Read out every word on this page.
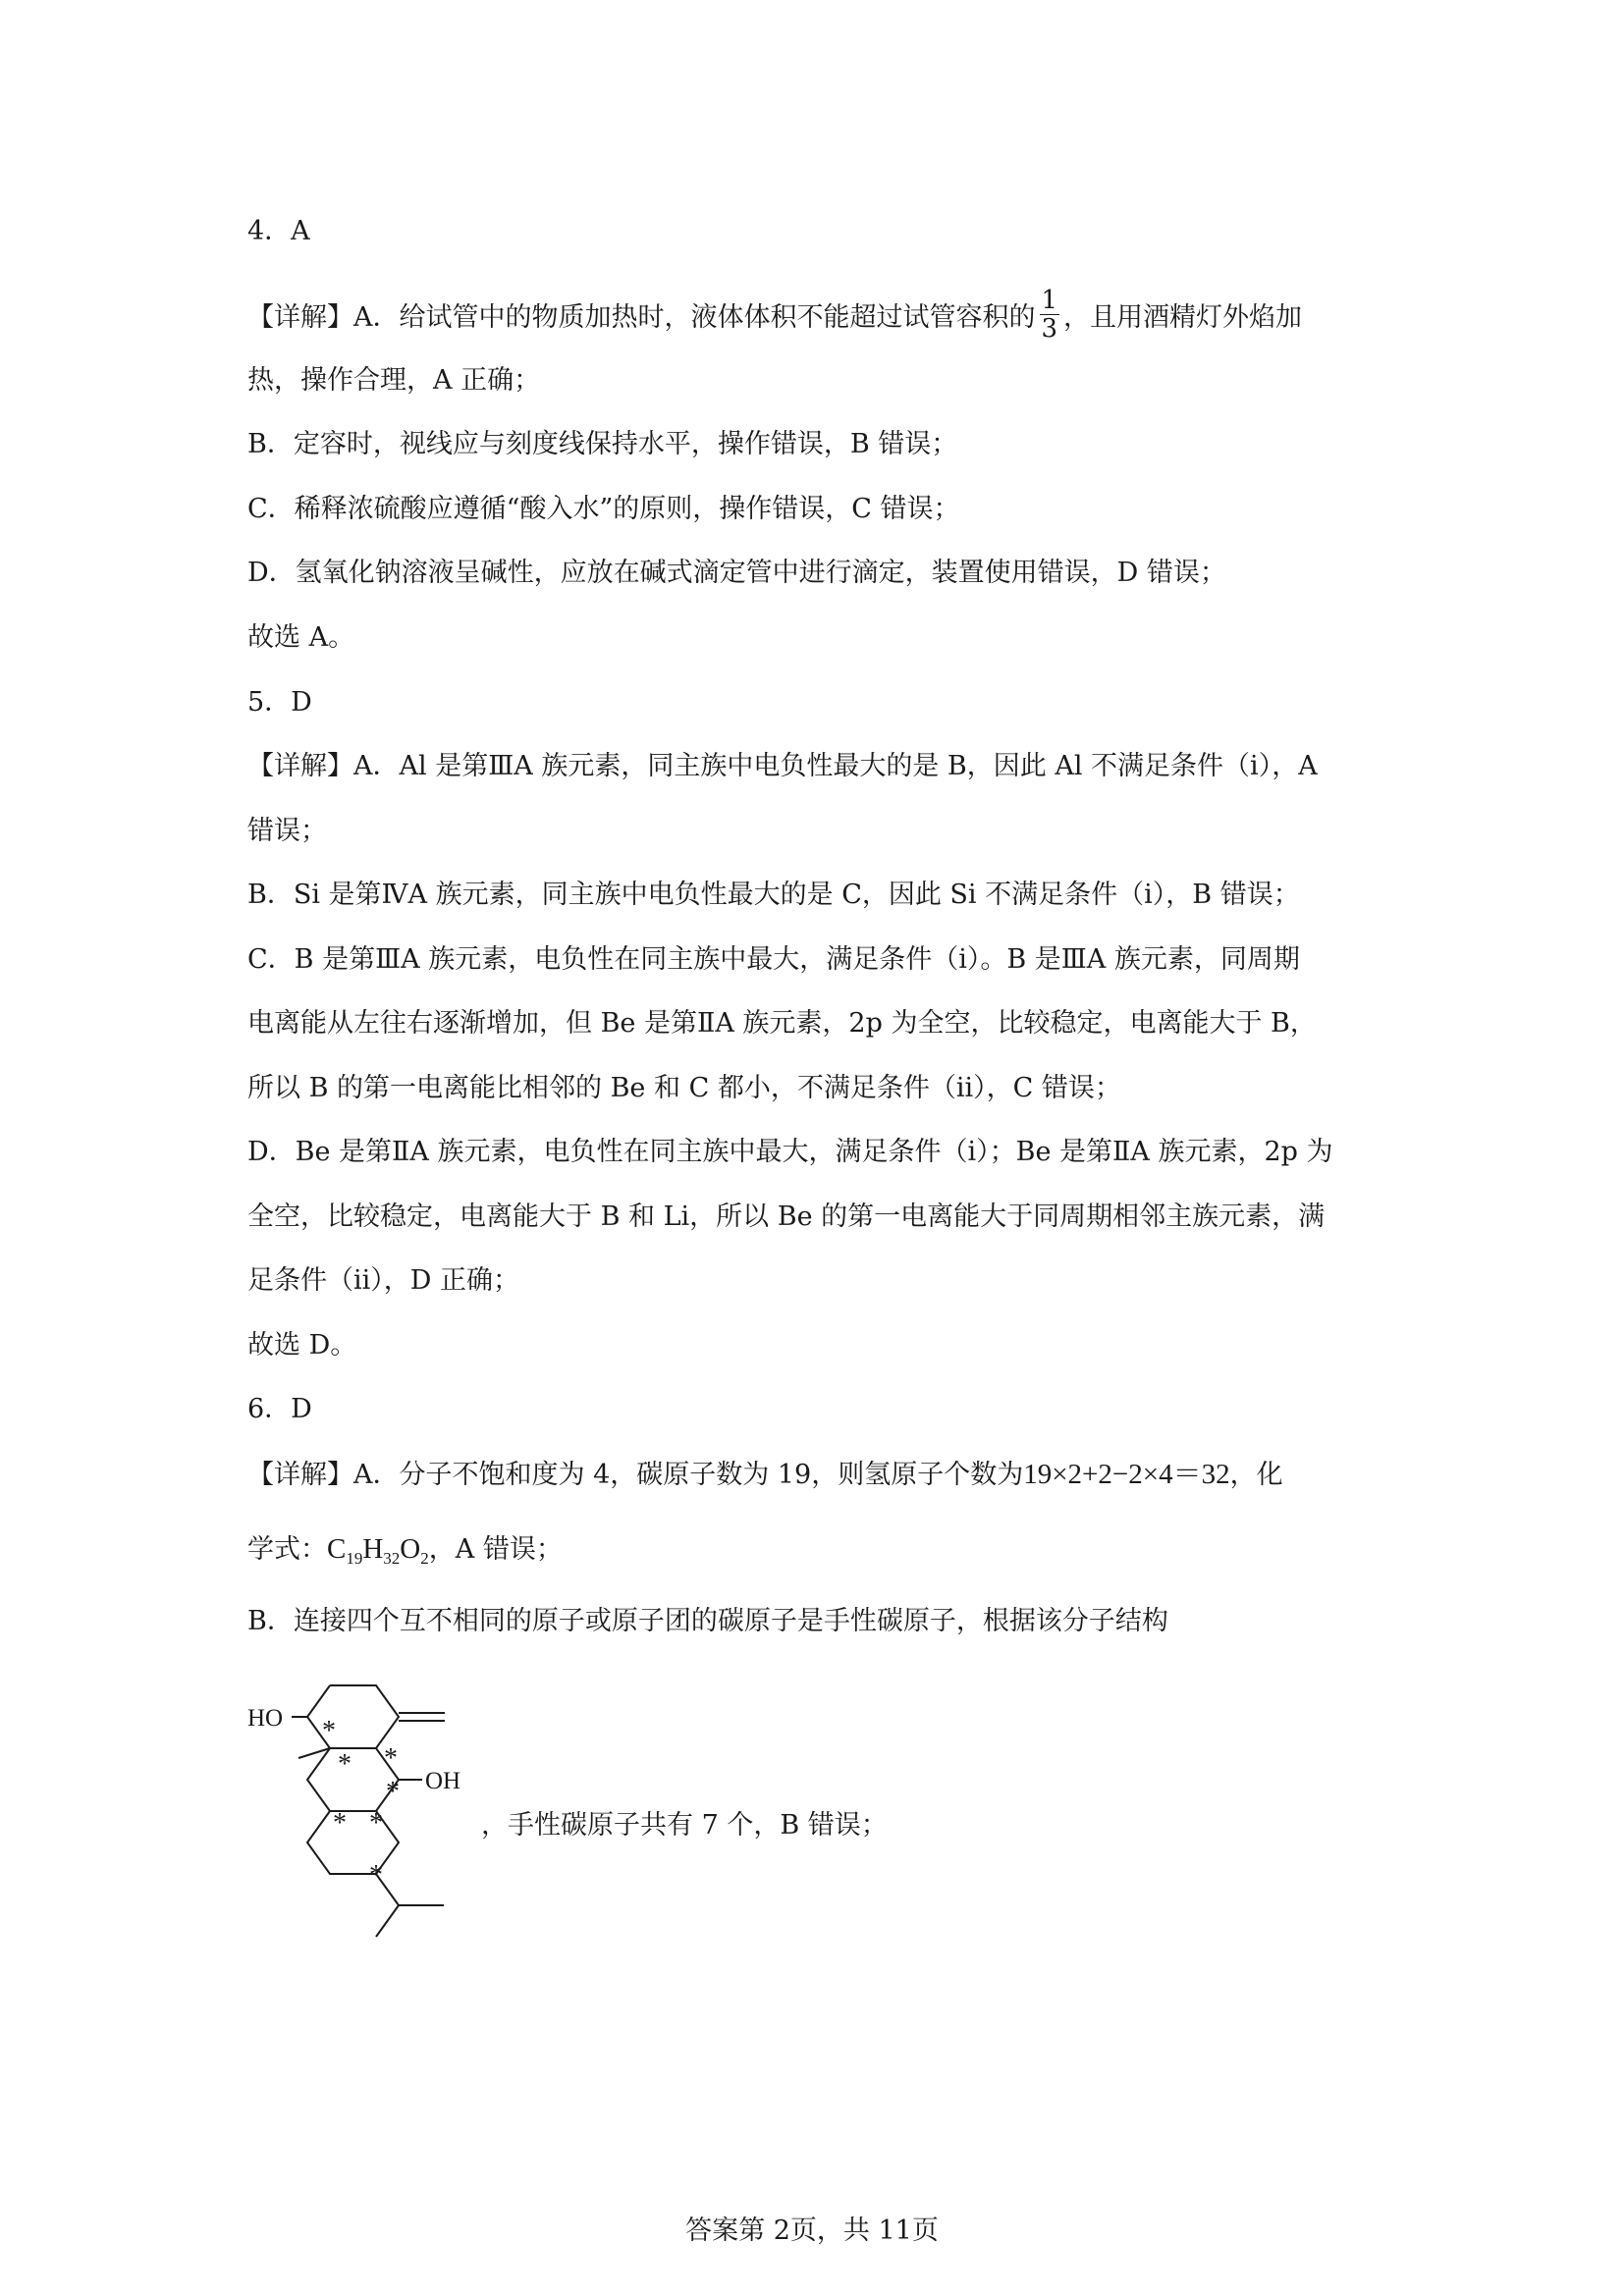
4．A
【详解】A．给试管中的物质加热时，液体体积不能超过试管容积的 $\frac{1}{3}$ ，且用酒精灯外焰加
热，操作合理，A 正确；
B．定容时，视线应与刻度线保持水平，操作错误，B 错误；
C．稀释浓硫酸应遵循“酸入水”的原则，操作错误，C 错误；
D．氢氧化钠溶液呈碱性，应放在碱式滴定管中进行滴定，装置使用错误，D 错误；
故选 A。
5．D
【详解】A．Al 是第ⅢA 族元素，同主族中电负性最大的是 B，因此 Al 不满足条件（i），A
错误；
B．Si 是第ⅣA 族元素，同主族中电负性最大的是 C，因此 Si 不满足条件（i），B 错误；
C．B 是第ⅢA 族元素，电负性在同主族中最大，满足条件（i）。B 是ⅢA 族元素，同周期
电离能从左往右逐渐增加，但 Be 是第ⅡA 族元素，2p 为全空，比较稳定，电离能大于 B，
所以 B 的第一电离能比相邻的 Be 和 C 都小，不满足条件（ii），C 错误；
D．Be 是第ⅡA 族元素，电负性在同主族中最大，满足条件（i）；Be 是第ⅡA 族元素，2p 为
全空，比较稳定，电离能大于 B 和 Li，所以 Be 的第一电离能大于同周期相邻主族元素，满
足条件（ii），D 正确；
故选 D。
6．D
【详解】A．分子不饱和度为 4，碳原子数为 19，则氢原子个数为19×2+2−2×4＝32，化
学式：$C_{19}H_{32}O_2$，A 错误；
B．连接四个互不相同的原子或原子团的碳原子是手性碳原子，根据该分子结构
HO
OH
*
* *
*
* *
*
，手性碳原子共有 7 个，B 错误；
答案第 2页，共 11页
